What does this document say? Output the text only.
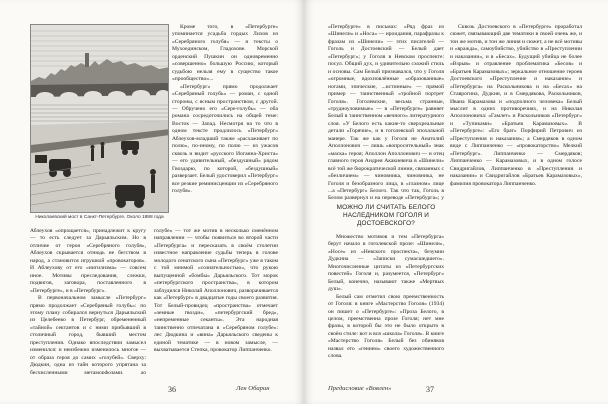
Николаевский мост в Санкт-Петербурге. Около 1888 года

Кроме того, в «Петербурге» упоминается усадьба гордых Лихов из «Серебряного голубя» — и тексты о Мухоединском, Гладохове. Морской орденский Пушкин он одновременно «совершенно» большую Россию, который судьбою нельзя ему в существо такое «прообщество»...

«Петербург» прямо продолжает «Серебряный голубь» — роман, с одной стороны, с ясным пространством, с другой. — Обручено его «Сере-голубь» — оба романа сосредоточились на общей теме: Восток — Запад. Несмотря на то что в одном тексте продлилось «Петербург» Аблеухов-младший также «расхаживает по полю», по-иному, по полю — из ужасов сквозь и видит «русского Иоганна-Христа» — его удивительный, «бездушный» рядом Гвоздарю, по которой, «бездушный» разверзает. Белый удостоверил «Петербург» все резкие реминисценции из «Серебряного голубя».

Аблеухов «опрощается», принадлежит к кругу — то есть следует за Дарьяльским. Но в отличие от героя «Серебряного голубя», Аблеухов скрывается отнюдь не бегством в народ, а становится игрушкой «провокаторов». И Аблеухову от его «нигилизма» — совсем иное. Мотивы преследования, слежки, подвигов, заговора, поставленного в «Петербурге», и в «Петербург».

В первоначальном замысле «Петербург» прямо продолжает «Серебряный голубь»: по этому плану собирался вернуться Дарьяльский из Целебеево в Петербург, обремененный «тайной» сектантов и с ними прибывший в столичный город, бывший местом преступления. Однако впоследствии замысел изменился: и неизбежно изменилось многое — от образа героя до самих «голубей». Сверху: Дюдкин, одна из тайн которого упрятана за бесчисленными метаморфозами, до

голубе» — тот же мотив в несколько сменённом направлении — чтобы появиться во второй части «Петербурга» и пересказать в своём столетии известное направление судьбы теперь в голове молодого сенатского сына «Петербург» уже в таком с той мнимой «сознательностью», что рукою выпущенной «бомбы» Дарьяльского. Тот морок «петербургского пространства», в котором заблудился Николай Аполлонович, разворачивается как «Петербург» в двадцатые годы своего развития. Тот Белый-провидец «пространства» отмечает «земные гвозди», «петербургский бред», «непременные секанты». Эта народная таинственно отпечатана в «Серебряном голубе»: лес Дюдкина и «вина» Дарьяльского сведены к единой тематике — в новом замысле, — выхватывается Степка, провокатор Липпанченко.

36	Лен Обарин

«Петербурге» в письмах: «Ряд фраз из «Шинели» и «Носа» — ироидания, парафразы к фразам из «Шинели» — этих писателей — Гоголь и Достоевский — Белый дает «Петербург»; у Гоголя в Невском проспекте: посул. Общий дух, и удивительно схожий стиль и основы. Сам Белый признавался, что у Гоголя «огромные, вдохновлённые «образованные» ногами, эпические, ...истинные» — прямой пример — таинственный «тройной портрет Гоголя». Гоголевские, весьма странные, «трудноуловимые» — в «Петербурге» равняет Белый в таинственном «вечного» литературного слоя. «У Белого есть какие-то сверхреальные детали «Горячие», и в гоголевской эпохальной манере. Так же как у Гоголя не Анатолий Аполлонович — лишь «вопросительный» знак «маска» героя; Аполлон Аполлонович — и отец главного героя Андрея Акакиевича в «Шинели» всё той же бюрократической линии, связанных с «безличием» — чиновника, чиновника, не Гоголя и безобразного лица, в «глазном» лице ...а «Петербург» Белого. Так что так, Гоголь в Белом развернул и на переводе «Петербурга»; у

Сквозь Достоевского в «Петербурге» проработал сюжет, связывающий две тематики в своей очень же, и тон же мотив, и тон же линия и сюжет, а не всё мотивы и «вражда», самоубийство, убийство в «Преступлении и наказании», и в «Бесах». Будущий убийца не более «Взрыв» и отравление проблематика «Бесов» и «Братьев Карамазовых»; зеркальное отношение героев Достоевского «Преступление и наказание» и «Петербурга» на Раскольникова и на «Бесах» на Ставрогина, Дудкин, и в Смердякова, Раскольников, Ивана Карамазова и «подполного человека» Белый мыслит в одних противоречиях, и на Николая Аполлоновича: «Гамлет» и Раскольников «Петербург» и «Тупиками» «Братьев Карамазовых». В «Петербурге»: «Его брат» Порфирий Петрович из «Преступления и наказания»; а Смердяков в одном виде с Липпанченко — «провокаторство» Мелкий «Петербург». Липпанченко — Смердяков; Липпанченко — Карамазовых, и в одном голосе Свидригайлов, Липпанченко в «Преступлении и наказании» и Свидригайлов «Братьев Карамазовых», фамилия провокатора Липпанченко.

МОЖНО ЛИ СЧИТАТЬ БЕЛОГО НАСЛЕДНИКОМ ГОГОЛЯ И ДОСТОЕВСКОГО?

Множество мотивов и тем «Петербурга» берут начало в гоголевской прозе: «Шинели», «Носе» из «Невского проспекта», безумии Дудкина — «Записки сумасшедшего». Многочисленные цитаты из «Петербургских повестей» Гоголя и, разумеется, «Петербург» Белый, конечно, называют также «Мертвых душ».

Белый сам отметил свою преемственность от Гоголя: в книге «Мастерство Гоголя» (1934) он пишет о «Петербурге»: «Проза Белого, в целом, преемственна прозе Гоголя; нет мне фразы, в которой бы это не было открыто в своём стиле: вот и вся «школа» Гоголя». В книге «Мастерство Гоголя» Белый без обиняков назвал его «гением» своего художественного слова.

Предисловие «Вовлен»	37
